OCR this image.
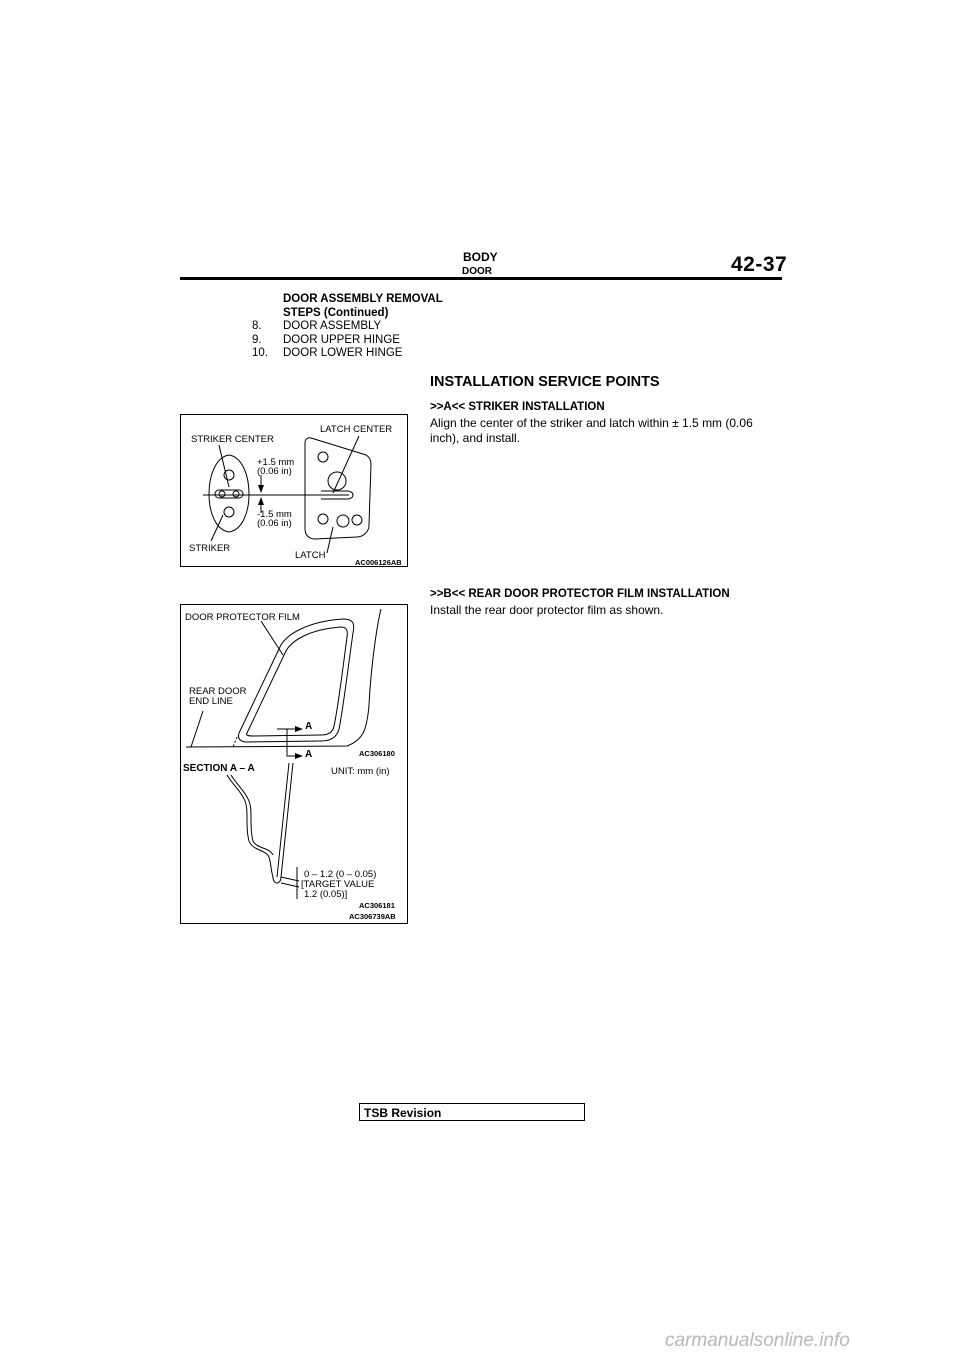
BODY
DOOR	42-37
DOOR ASSEMBLY REMOVAL
STEPS (Continued)
8.	DOOR ASSEMBLY
9.	DOOR UPPER HINGE
10.	DOOR LOWER HINGE
INSTALLATION SERVICE POINTS
>>A<< STRIKER INSTALLATION
Align the center of the striker and latch within ± 1.5 mm (0.06 inch), and install.
>>B<< REAR DOOR PROTECTOR FILM INSTALLATION
Install the rear door protector film as shown.
STRIKER CENTER
LATCH CENTER
+1.5 mm
(0.06 in)
-1.5 mm
(0.06 in)
STRIKER
LATCH
AC006126AB
DOOR PROTECTOR FILM
REAR DOOR
END LINE
A
A	AC306180
SECTION A – A	UNIT: mm (in)
0 – 1.2 (0 – 0.05)
[TARGET VALUE
1.2 (0.05)]
AC306181
AC306739AB
TSB Revision
carmanualsonline.info
